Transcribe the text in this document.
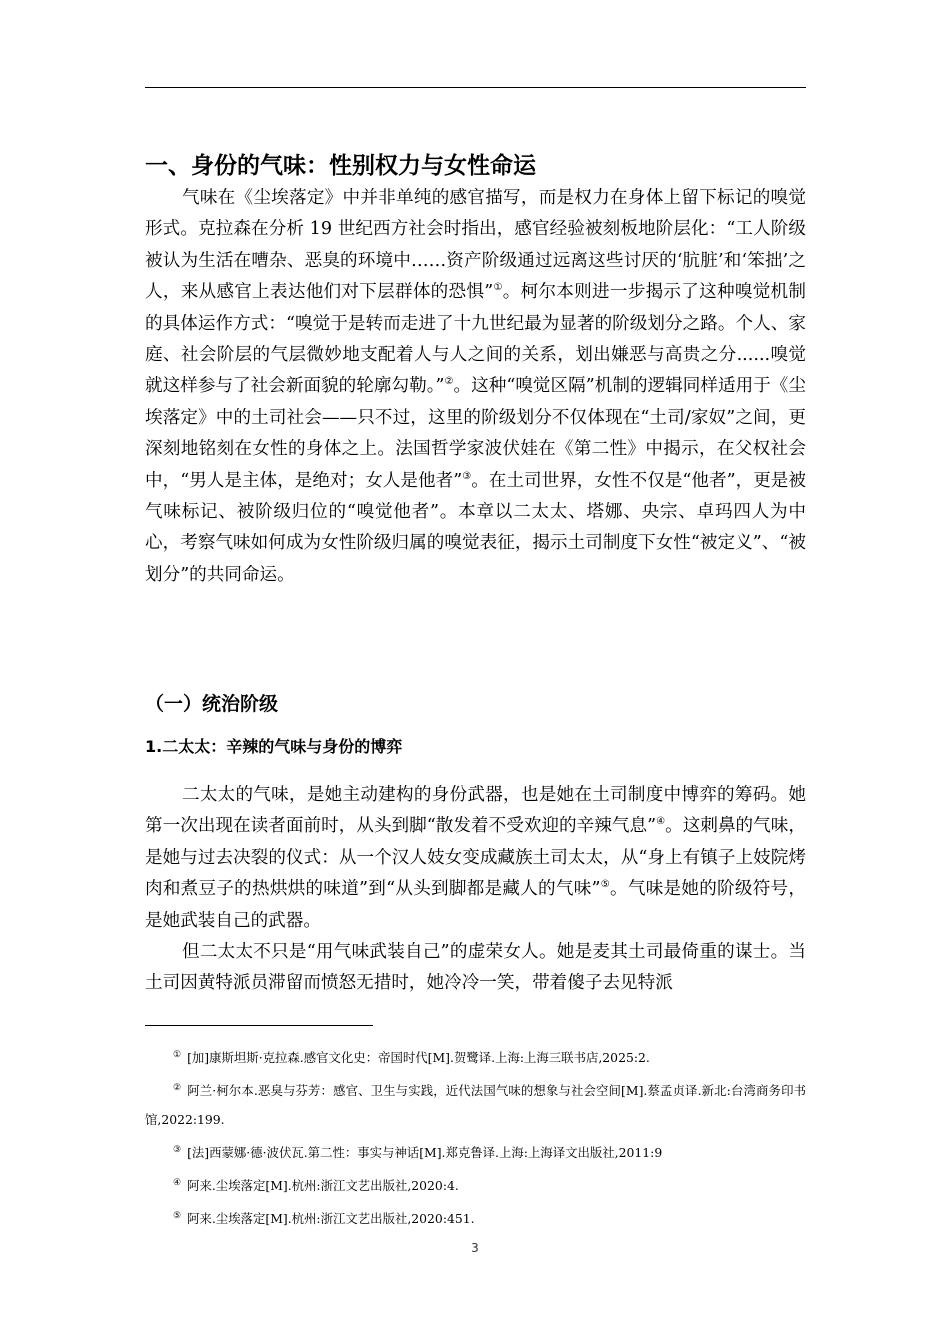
一、身份的气味：性别权力与女性命运

气味在《尘埃落定》中并非单纯的感官描写，而是权力在身体上留下标记的嗅觉形式。克拉森在分析 19 世纪西方社会时指出，感官经验被刻板地阶层化：“工人阶级被认为生活在嘈杂、恶臭的环境中……资产阶级通过远离这些讨厌的‘肮脏’和‘笨拙’之人，来从感官上表达他们对下层群体的恐惧”①。柯尔本则进一步揭示了这种嗅觉机制的具体运作方式：“嗅觉于是转而走进了十九世纪最为显著的阶级划分之路。个人、家庭、社会阶层的气层微妙地支配着人与人之间的关系，划出嫌恶与高贵之分......嗅觉就这样参与了社会新面貌的轮廓勾勒。”②。这种“嗅觉区隔”机制的逻辑同样适用于《尘埃落定》中的土司社会——只不过，这里的阶级划分不仅体现在“土司/家奴”之间，更深刻地铭刻在女性的身体之上。法国哲学家波伏娃在《第二性》中揭示，在父权社会中，“男人是主体，是绝对；女人是他者”③。在土司世界，女性不仅是“他者”，更是被气味标记、被阶级归位的“嗅觉他者”。本章以二太太、塔娜、央宗、卓玛四人为中心，考察气味如何成为女性阶级归属的嗅觉表征，揭示土司制度下女性“被定义”、“被划分”的共同命运。

（一）统治阶级
1.二太太：辛辣的气味与身份的博弈

二太太的气味，是她主动建构的身份武器，也是她在土司制度中博弈的筹码。她第一次出现在读者面前时，从头到脚“散发着不受欢迎的辛辣气息”④。这刺鼻的气味，是她与过去决裂的仪式：从一个汉人妓女变成藏族土司太太，从“身上有镇子上妓院烤肉和煮豆子的热烘烘的味道”到“从头到脚都是藏人的气味”⑤。气味是她的阶级符号，是她武装自己的武器。

但二太太不只是“用气味武装自己”的虚荣女人。她是麦其土司最倚重的谋士。当土司因黄特派员滞留而愤怒无措时，她冷冷一笑，带着傻子去见特派

① [加]康斯坦斯·克拉森.感官文化史：帝国时代[M].贺鹭译.上海:上海三联书店,2025:2.

② 阿兰·柯尔本.恶臭与芬芳：感官、卫生与实践，近代法国气味的想象与社会空间[M].蔡孟贞译.新北:台湾商务印书馆,2022:199.

③ [法]西蒙娜·德·波伏瓦.第二性：事实与神话[M].郑克鲁译.上海:上海译文出版社,2011:9

④ 阿来.尘埃落定[M].杭州:浙江文艺出版社,2020:4.

⑤ 阿来.尘埃落定[M].杭州:浙江文艺出版社,2020:451.

3
